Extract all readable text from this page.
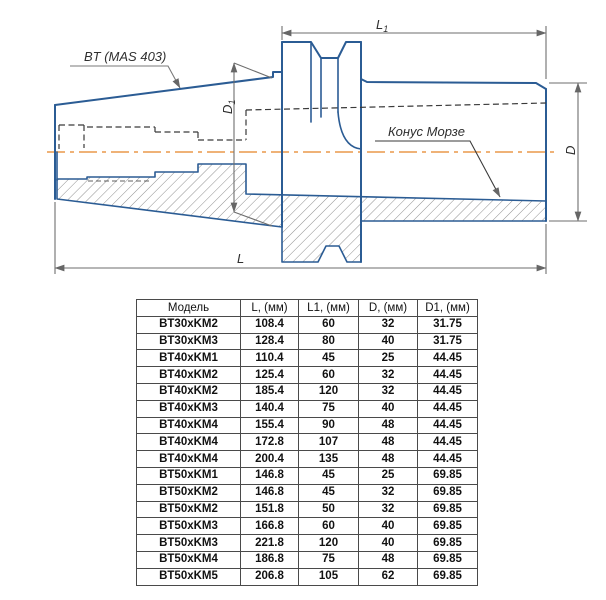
$L_1$
$D_1$
D
L
BT (MAS 403)
Конус Морзе
Модель	L, (мм)	L1, (мм)	D, (мм)	D1, (мм)
BT30xKM2	108.4	60	32	31.75
BT30xKM3	128.4	80	40	31.75
BT40xKM1	110.4	45	25	44.45
BT40xKM2	125.4	60	32	44.45
BT40xKM2	185.4	120	32	44.45
BT40xKM3	140.4	75	40	44.45
BT40xKM4	155.4	90	48	44.45
BT40xKM4	172.8	107	48	44.45
BT40xKM4	200.4	135	48	44.45
BT50xKM1	146.8	45	25	69.85
BT50xKM2	146.8	45	32	69.85
BT50xKM2	151.8	50	32	69.85
BT50xKM3	166.8	60	40	69.85
BT50xKM3	221.8	120	40	69.85
BT50xKM4	186.8	75	48	69.85
BT50xKM5	206.8	105	62	69.85
